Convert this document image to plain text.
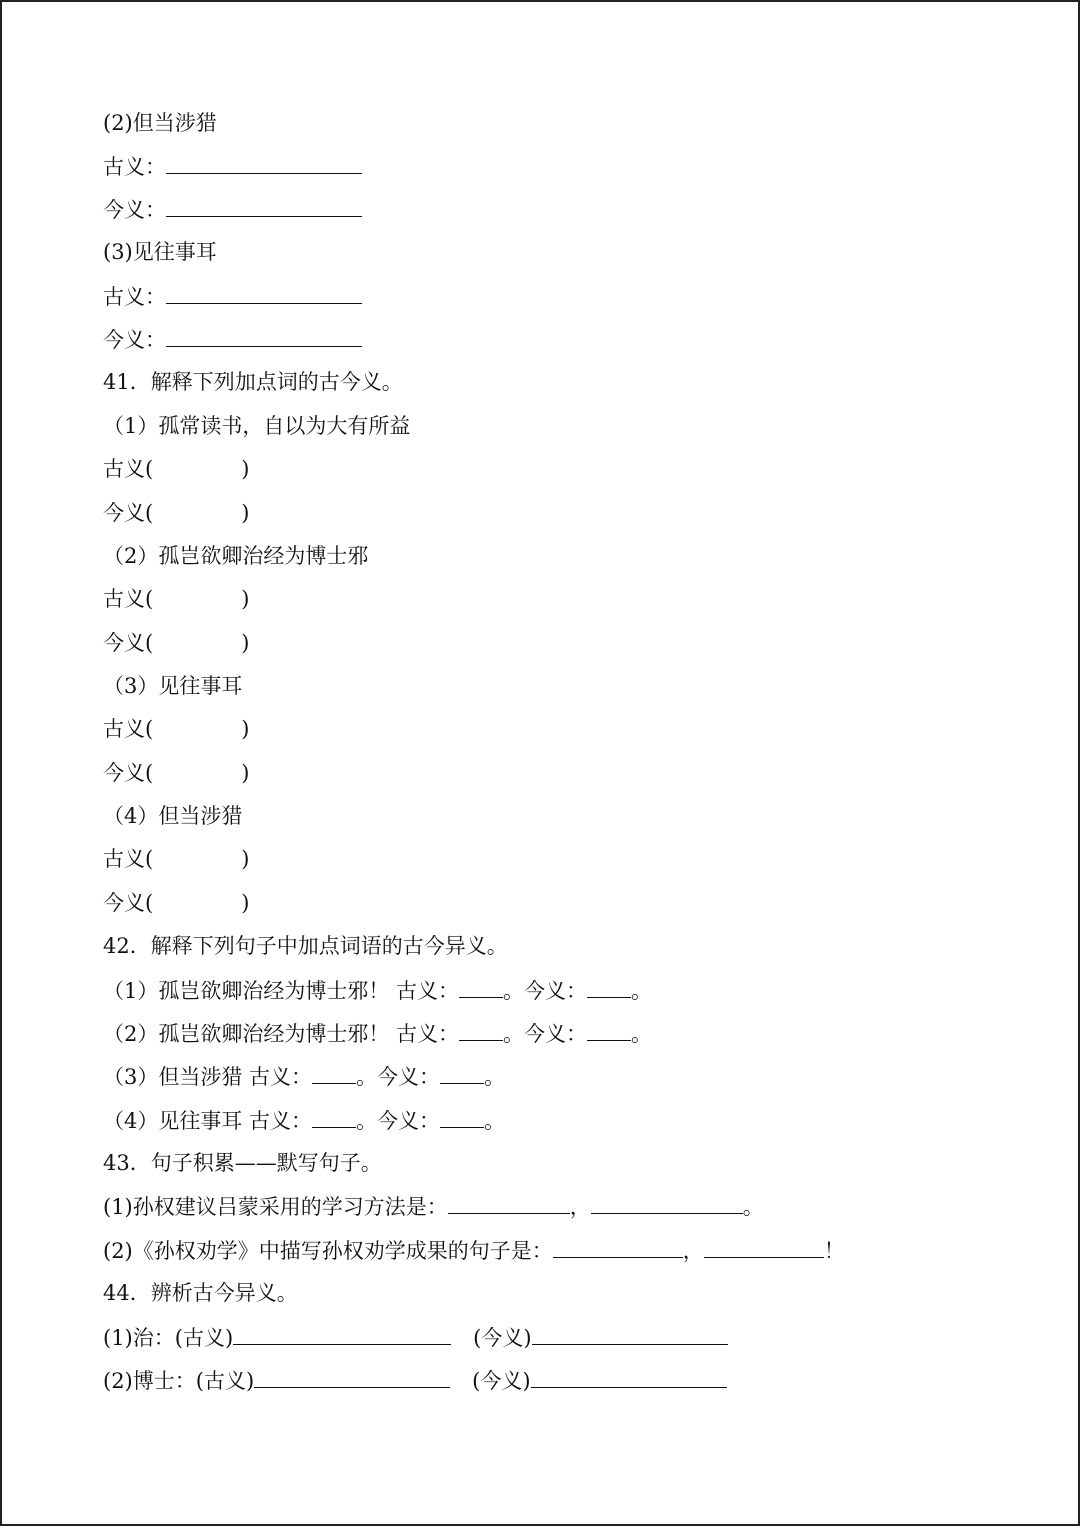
(2)但当涉猎
古义：
今义：
(3)见往事耳
古义：
今义：
41．解释下列加点词的古今义。
（1）孤常读书，自以为大有所益
古义(	)
今义(	)
（2）孤岂欲卿治经为博士邪
古义(	)
今义(	)
（3）见往事耳
古义(	)
今义(	)
（4）但当涉猎
古义(	)
今义(	)
42．解释下列句子中加点词语的古今异义。
（1）孤岂欲卿治经为博士邪！ 古义： 。今义： 。
（2）孤岂欲卿治经为博士邪！ 古义： 。今义： 。
（3）但当涉猎 古义： 。今义： 。
（4）见往事耳 古义： 。今义： 。
43．句子积累——默写句子。
(1)孙权建议吕蒙采用的学习方法是：	，	。
(2)《孙权劝学》中描写孙权劝学成果的句子是：	，	！
44．辨析古今异义。
(1)治：(古义)	(今义)
(2)博士：(古义)	(今义)
